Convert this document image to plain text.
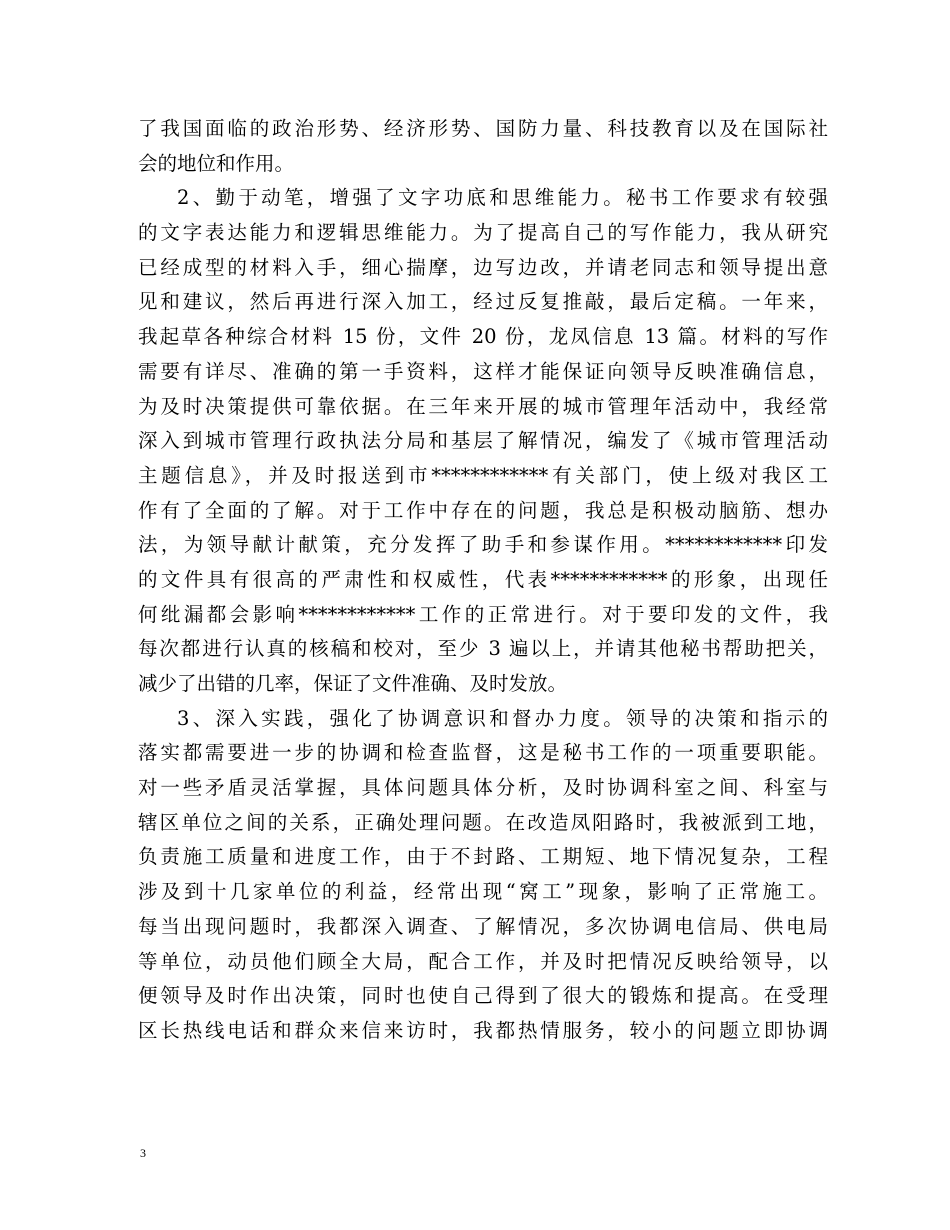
了我国面临的政治形势、经济形势、国防力量、科技教育以及在国际社
会的地位和作用。
2、勤于动笔，增强了文字功底和思维能力。秘书工作要求有较强
的文字表达能力和逻辑思维能力。为了提高自己的写作能力，我从研究
已经成型的材料入手，细心揣摩，边写边改，并请老同志和领导提出意
见和建议，然后再进行深入加工，经过反复推敲，最后定稿。一年来，
我起草各种综合材料 15 份，文件 20 份，龙凤信息 13 篇。材料的写作
需要有详尽、准确的第一手资料，这样才能保证向领导反映准确信息，
为及时决策提供可靠依据。在三年来开展的城市管理年活动中，我经常
深入到城市管理行政执法分局和基层了解情况，编发了《城市管理活动
主题信息》，并及时报送到市************有关部门，使上级对我区工
作有了全面的了解。对于工作中存在的问题，我总是积极动脑筋、想办
法，为领导献计献策，充分发挥了助手和参谋作用。************印发
的文件具有很高的严肃性和权威性，代表************的形象，出现任
何纰漏都会影响************工作的正常进行。对于要印发的文件，我
每次都进行认真的核稿和校对，至少 3 遍以上，并请其他秘书帮助把关，
减少了出错的几率，保证了文件准确、及时发放。
3、深入实践，强化了协调意识和督办力度。领导的决策和指示的
落实都需要进一步的协调和检查监督，这是秘书工作的一项重要职能。
对一些矛盾灵活掌握，具体问题具体分析，及时协调科室之间、科室与
辖区单位之间的关系，正确处理问题。在改造凤阳路时，我被派到工地，
负责施工质量和进度工作，由于不封路、工期短、地下情况复杂，工程
涉及到十几家单位的利益，经常出现“窝工”现象，影响了正常施工。
每当出现问题时，我都深入调查、了解情况，多次协调电信局、供电局
等单位，动员他们顾全大局，配合工作，并及时把情况反映给领导，以
便领导及时作出决策，同时也使自己得到了很大的锻炼和提高。在受理
区长热线电话和群众来信来访时，我都热情服务，较小的问题立即协调
3
